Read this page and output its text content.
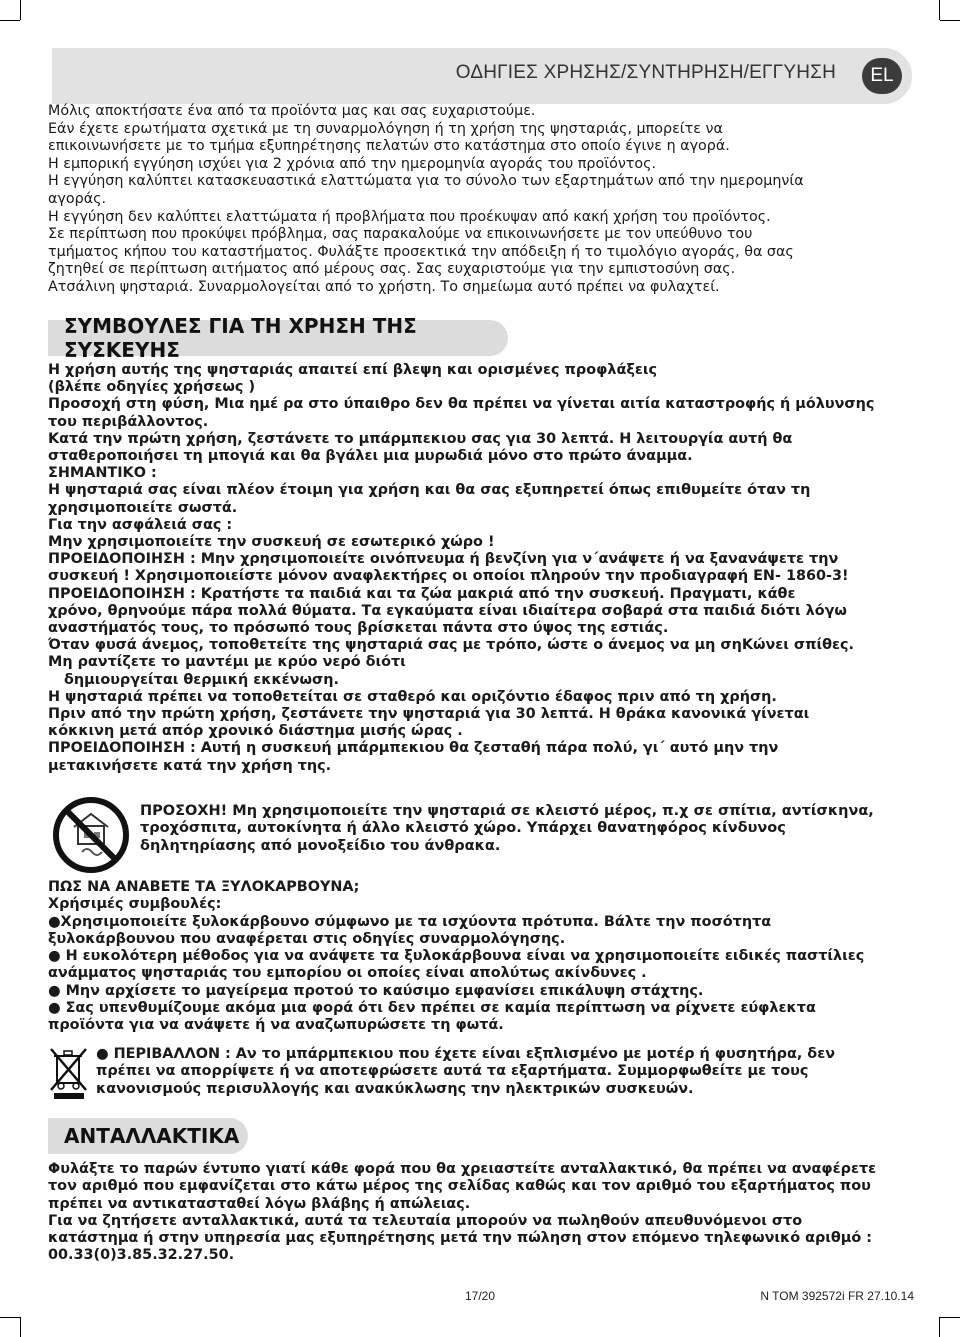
ΟΔΗΓΙΕΣ ΧΡΗΣΗΣ/ΣΥΝΤΗΡΗΣΗ/ΕΓΓΥΗΣΗ	EL
Μόλις αποκτήσατε ένα από τα προϊόντα μας και σας ευχαριστούμε.
Εάν έχετε ερωτήματα σχετικά με τη συναρμολόγηση ή τη χρήση της ψησταριάς, μπορείτε να
επικοινωνήσετε με το τμήμα εξυπηρέτησης πελατών στο κατάστημα στο οποίο έγινε η αγορά.
Η εμπορική εγγύηση ισχύει για 2 χρόνια από την ημερομηνία αγοράς του προϊόντος.
Η εγγύηση καλύπτει κατασκευαστικά ελαττώματα για το σύνολο των εξαρτημάτων από την ημερομηνία
αγοράς.
Η εγγύηση δεν καλύπτει ελαττώματα ή προβλήματα που προέκυψαν από κακή χρήση του προϊόντος.
Σε περίπτωση που προκύψει πρόβλημα, σας παρακαλούμε να επικοινωνήσετε με τον υπεύθυνο του
τμήματος κήπου του καταστήματος. Φυλάξτε προσεκτικά την απόδειξη ή το τιμολόγιο αγοράς, θα σας
ζητηθεί σε περίπτωση αιτήματος από μέρους σας. Σας ευχαριστούμε για την εμπιστοσύνη σας.
Ατσάλινη ψησταριά. Συναρμολογείται από το χρήστη. Το σημείωμα αυτό πρέπει να φυλαχτεί.
ΣΥΜΒΟΥΛΕΣ ΓΙΑ ΤΗ ΧΡΗΣΗ ΤΗΣ ΣΥΣΚΕΥΗΣ
Η χρήση αυτής της ψησταριάς απαιτεί επί βλεψη και ορισμένες προφλάξεις
(βλέπε οδηγίες χρήσεως )
Προσοχή στη φύση, Μια ημέ ρα στο ύπαιθρο δεν θα πρέπει να γίνεται αιτία καταστροφής ή μόλυνσης
του περιβάλλοντος.
Κατά την πρώτη χρήση, ζεστάνετε το μπάρμπεκιου σας για 30 λεπτά. Η λειτουργία αυτή θα
σταθεροποιήσει τη μπογιά και θα βγάλει μια μυρωδιά μόνο στο πρώτο άναμμα.
ΣΗΜΑΝΤΙΚΟ :
Η ψησταριά σας είναι πλέον έτοιμη για χρήση και θα σας εξυπηρετεί όπως επιθυμείτε όταν τη
χρησιμοποιείτε σωστά.
Για την ασφάλειά σας :
Μην χρησιμοποιείτε την συσκευή σε εσωτερικό χώρο !
ΠΡΟΕΙΔΟΠΟΙΗΣΗ : Μην χρησιμοποιείτε οινόπνευμα ή βενζίνη για ν΄ανάψετε ή να ξανανάψετε την
συσκευή ! Χρησιμοποιείστε μόνον αναφλεκτήρες οι οποίοι πληρούν την προδιαγραφή ΕΝ- 1860-3!
ΠΡΟΕΙΔΟΠΟΙΗΣΗ : Κρατήστε τα παιδιά και τα ζώα μακριά από την συσκευή. Πραγματι, κάθε
χρόνο, θρηνούμε πάρα πολλά θύματα. Τα εγκαύματα είναι ιδιαίτερα σοβαρά στα παιδιά διότι λόγω
αναστήματός τους, το πρόσωπό τους βρίσκεται πάντα στο ύψος της εστιάς.
Όταν φυσά άνεμος, τοποθετείτε της ψησταριά σας με τρόπο, ώστε ο άνεμος να μη σηΚώνει σπίθες.
Μη ραντίζετε το μαντέμι με κρύο νερό διότι
δημιουργείται θερμική εκκένωση.
Η ψησταριά πρέπει να τοποθετείται σε σταθερό και οριζόντιο έδαφος πριν από τη χρήση.
Πριν από την πρώτη χρήση, ζεστάνετε την ψησταριά για 30 λεπτά. Η θράκα κανονικά γίνεται
κόκκινη μετά απόρ χρονικό διάστημα μισής ώρας .
ΠΡΟΕΙΔΟΠΟΙΗΣΗ : Αυτή η συσκευή μπάρμπεκιου θα ζεσταθή πάρα πολύ, γι΄ αυτό μην την
μετακινήσετε κατά την χρήση της.
ΠΡΟΣΟΧΗ! Μη χρησιμοποιείτε την ψησταριά σε κλειστό μέρος, π.χ σε σπίτια, αντίσκηνα,
τροχόσπιτα, αυτοκίνητα ή άλλο κλειστό χώρο. Υπάρχει θανατηφόρος κίνδυνος
δηλητηρίασης από μονοξείδιο του άνθρακα.
ΠΩΣ ΝΑ ΑΝΑΒΕΤΕ ΤΑ ΞΥΛΟΚΑΡΒΟΥΝΑ;
Χρήσιμές συμβουλές:
●Χρησιμοποιείτε ξυλοκάρβουνο σύμφωνο με τα ισχύοντα πρότυπα. Βάλτε την ποσότητα
ξυλοκάρβουνου που αναφέρεται στις οδηγίες συναρμολόγησης.
● Η ευκολότερη μέθοδος για να ανάψετε τα ξυλοκάρβουνα είναι να χρησιμοποιείτε ειδικές παστίλιες
ανάμματος ψησταριάς του εμπορίου οι οποίες είναι απολύτως ακίνδυνες .
● Μην αρχίσετε το μαγείρεμα προτού το καύσιμο εμφανίσει επικάλυψη στάχτης.
● Σας υπενθυμίζουμε ακόμα μια φορά ότι δεν πρέπει σε καμία περίπτωση να ρίχνετε εύφλεκτα
προϊόντα για να ανάψετε ή να αναζωπυρώσετε τη φωτά.
● ΠΕΡΙΒΑΛΛΟΝ : Αν το μπάρμπεκιου που έχετε είναι εξπλισμένο με μοτέρ ή φυσητήρα, δεν
πρέπει να απορρίψετε ή να αποτεφρώσετε αυτά τα εξαρτήματα. Συμμορφωθείτε με τους
κανονισμούς περισυλλογής και ανακύκλωσης την ηλεκτρικών συσκευών.
ΑΝΤΑΛΛΑΚΤΙΚΑ
Φυλάξτε το παρών έντυπο γιατί κάθε φορά που θα χρειαστείτε ανταλλακτικό, θα πρέπει να αναφέρετε
τον αριθμό που εμφανίζεται στο κάτω μέρος της σελίδας καθώς και τον αριθμό του εξαρτήματος που
πρέπει να αντικατασταθεί λόγω βλάβης ή απώλειας.
Για να ζητήσετε ανταλλακτικά, αυτά τα τελευταία μπορούν να πωληθούν απευθυνόμενοι στο
κατάστημα ή στην υπηρεσία μας εξυπηρέτησης μετά την πώληση στον επόμενο τηλεφωνικό αριθμό :
00.33(0)3.85.32.27.50.
17/20	N TOM 392572i FR 27.10.14
